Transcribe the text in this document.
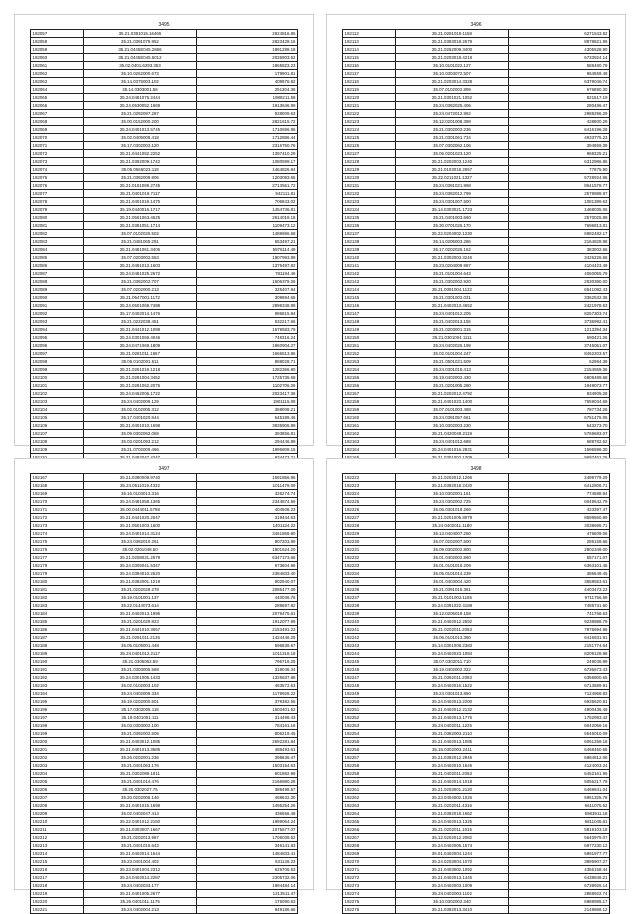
3495
192057	35.21.0391015.16465	2924816.85
192058	35.21.0391079.952	2823428.16
192059	35.21.0445E045.2866	1891288.18
192060	35.21.0445E045.5012	2026903.52
192061	35.02.0401.6293.353	1865823.23
192062	35.10.0262000.673	179901.81
192063	35.14.0375003.102	409976.82
192064	35.14.0303001.56	251304.36
192065	35.24.0481075.2444	1988211.58
192066	35.24.0530052.1669	1913646.99
192067	35.21.0292097.287	928009.63
192068	35.00.0152000.200	2821615.72
192069	35.24.0401013.5745	1710696.96
192070	35.02.0405008.418	1712886.44
192071	35.17.0302002.120	2316750.76
192072	35.21.0441082.2252	1397410.29
192073	35.21.0392009.1742	1080599.17
192074	35.05.0565023.118	1464826.84
192075	35.21.0392009.806	1203093.65
192076	35.21.0181089.2745	2713561.72
192077	35.21.0401019.7117	942111.81
192078	35.21.0401019.1475	706843.02
192079	35.19.0440016.1717	1454736.81
192080	35.21.0561063.4625	2614019.18
192081	35.21.0381051.1714	1109473.12
192082	35.07.0102026.502	1489696.68
192083	35.21.0481065.291	653497.21
192084	35.21.0481061.3406	5976114.49
192085	35.07.0203002.553	1907993.89
192086	35.21.0491013.1603	1375497.82
192087	35.24.0481025.2672	781194.46
192088	35.21.0392002.707	1606379.26
192089	35.07.0202000.213	325407.84
192090	35.21.0547001.1172	309894.65
192091	35.24.0501069.7488	2898348.89
192092	35.17.0402014.1476	986815.84
192093	35.21.0222038.451	532217.66
192094	35.21.0441012.1098	1579583.79
192095	35.24.0301069.4046	748316.24
192096	35.24.0471069.1809	1960904.27
192097	35.21.0281011.1867	1666513.86
192098	35.06.0102001.511	889028.71
192099	35.21.0261019.1218	1282366.80
192100	35.21.0291004.3452	1725735.69
192101	35.21.0291062.2075	1102706.26
192102	35.24.0462006.1722	2023417.36
192103	35.24.0402009.129	1901115.08
192104	35.02.0102005.312	368008.21
192105	35.17.0401020.544	545199.46
192106	35.21.0401010.1698	3935906.89
192107	35.09.0302062.069	393856.81
192108	35.03.0201093.212	294446.89
192109	35.21.0702009.466	1996808.15

3496
192112	35.21.0291019.1158	6271543.82
192113	35.21.0393019.2679	8878821.99
192114	35.21.0262009.3400	4305528.90
192115	35.21.0203018.4218	6733924.14
192116	35.10.0101022.127	588480.79
192117	35.10.0303072.507	964559.48
192118	35.21.0203014.3328	6378046.74
192119	35.07.0102002.899	676890.30
192120	35.21.0301021.1052	821517.19
192121	35.24.0392025.406	280486.47
192122	35.24.0472012.982	2988296.29
192123	35.12.0201008.398	428800.29
192124	35.21.0302002.236	6416196.28
192125	35.21.0301061.734	4933775.23
192126	35.07.0302062.106	394959.39
192127	35.06.0201023.120	968325.21
192128	35.21.0202003.1240	6312986.86
192129	35.21.0103018.2067	77875.90
192130	35.22.0211021.1327	5728924.95
192131	35.24.0391021.998	8641578.77
192132	35.24.0382012.799	2579989.97
192133	35.24.0301007.500	1081389.63
192134	35.14.0303021.1723	1468035.06
192135	35.21.0401003.660	2570025.89
192136	35.30.0701026.170	7696813.81
192137	35.22.0204002.1230	6982482.17
192138	35.14.0205003.286	2164828.98
192139	35.17.0202026.162	383002.66
192140	35.21.0302003.3246	3426226.66
192141	35.23.0204009.987	4104423.49
192142	35.21.0101004.643	4060055.79
192143	35.21.0302002.920	2530390.00
192144	35.21.0391004.1122	6541082.43
192145	35.21.0301002.031	3362532.36
192146	35.21.0402013.4652	2421978.63
192147	35.24.0401012.205	8257303.74
192148	35.21.0402013.155	3736992.41
192149	35.21.0203001.315	1213394.34
192150	35.21.0301004.1111	590421.26
192151	35.24.0402026.199	3745061.07
192152	35.02.0101004.247	8462203.57
192153	35.21.0501021.509	62984.39
192154	35.24.0301015.413	2154559.36
192155	35.19.0402002.430	6908489.68
192156	35.21.0201005.280	1949073.77
192157	35.21.0202012.4792	834905.28
192158	35.21.0401023.1400	7659034.69
192159	35.07.0101003.488	787734.26
192160	35.24.0391057.661	6751475.05
192161	35.10.0302003.230	543273.70
192162	35.21.0420048.2119	5769683.07
192163	35.24.0401012.688	689782.62
192164	35.24.0401016.2931	1596596.30

3497
192167	35.21.0390009.9740	1591856.96
192168	35.24.0511019.4332	1011478.09
192169	35.16.0103013.316	426274.74
192170	35.24.0481058.1365	2344874.59
192171	35.00.0444011.5798	404508.23
192172	35.21.0441020.2047	319444.63
192173	35.21.0501003.1600	1401124.22
192174	35.24.0401014.3124	3461869.80
192175	35.24.0382010.261	807203.89
192176	35.02.0201048.50	1901624.20
192177	35.21.0208031.2579	6347173.66
192178	35.24.0305041.5347	673604.98
192179	35.24.0394010.2620	2384833.40
192180	35.21.0382001.1219	902940.07
192181	35.21.0202028.278	2085477.09
192182	35.19.0101001.137	440036.76
192183	35.22.0144073.614	289697.82
192184	35.21.0402013.1996	2079475.61
192185	35.21.0201029.823	1912077.99
192186	35.21.0441010.3067	2153491.23
192187	35.21.0291011.2135	1424446.25
192188	35.05.0105001.448	596839.67
192189	35.24.0401012.2117	1011318.18
192190	35.21.0305062.59	796716.25
192191	35.21.0303005.568	318046.34
192192	35.24.0301005.1433	1326637.88
192193	35.02.0102003.102	463572.63
192194	35.24.0402009.334	1179928.22
192195	35.19.0202000.501	379382.55
192196	35.17.0302005.118	1603401.52
192197	35.19.0401001.111	314498.43
192198	35.03.0303002.100	784161.16
192199	35.21.0392002.505	806219.45
192200	35.21.0403012.1085	2692281.84
192201	35.21.0401013.3685	488493.61
192202	35.26.0202001.236	398636.47
192203	35.21.0401063.176	1503154.63
192204	35.21.0302089.1811	601982.99
192205	35.21.0401014.476	2166980.28
192206	35.20.0302027.75	389498.57
192207	35.20.0202008.146	468632.30
192208	35.21.0401015.1699	1495254.26
192209	35.02.0402047.414	436656.48
192210	35.22.0401012.2150	1999064.24
192211	35.21.0303007.1667	1075677.07
192212	35.21.0202013.967	1706039.52
192213	35.21.0401015.643	346141.83
192214	35.21.0402014.1644	1484833.41
192215	35.23.0401004.402	631128.23
192216	35.23.0401004.2312	625706.53
192217	35.24.0402014.2287	2305732.06
192218	35.24.0402033.177	1994484.14
192219	35.21.0401005.2677	1213511.47
192220	35.26.0401011.1175	175090.63
192221	35.24.0402004.213	949186.66
3498
192222	35.21.0202012.1266	2499779.29
192223	35.21.0392018.2420	6412806.71
192224	35.10.0302001.161	774588.94
192225	35.24.0302002.725	6049642.79
192226	35.06.0301018.266	423397.47
192227	35.21.0201005.8079	8599560.99
192228	35.24.0402011.1180	3038695.71
192229	35.13.0404007.250	476609.06
192230	35.07.0202007.500	286159.66
192231	35.09.0302002.800	2802349.00
192232	35.01.0402002.860	557171.07
192233	35.01.0101016.209	6363101.45
192234	35.05.0101014.239	386549.45
192235	35.01.0403004.420	3658553.61
192236	35.21.0391015.381	4403473.23
192237	35.21.0101002.1165	9711756.59
192238	35.24.0391022.4188	7485731.60
192239	35.12.0205018.158	741758.63
192240	35.21.0402012.2592	9238988.79
192241	35.21.0202011.2063	7876694.96
192242	35.06.0101013.390	6416931.91
192243	35.14.0301008.2383	2151774.64
192244	35.24.0402023.1084	8209128.98
192245	35.07.0302011.710	249038.99
192246	35.19.0402002.322	6736673.43
192247	35.21.0392011.2083	6356800.65
192248	35.24.0402016.1522	6713689.91
192249	35.24.0301013.850	7124968.83
192250	35.24.0402013.2200	6935620.81
192251	35.21.0402012.2132	4900436.49
192252	35.21.0402013.1776	1752993.42
192253	35.24.0402011.1225	6042059.16
192254	35.21.0382003.2110	5546010.09
192255	35.21.0402013.1085	6061259.18
192256	35.15.0302003.2411	6468450.66
192257	35.21.0392012.2945	6884812.08
192258	35.24.0402010.1645	4124003.24
192259	35.21.0402011.2063	6452161.95
192260	35.21.0402014.1018	5056217.79
192261	35.21.0203001.2120	6469841.04
192262	35.23.0404002.1026	5951325.78
192263	35.21.0202011.4316	6611075.52
192264	35.21.0392018.1662	6983911.18
192265	35.24.0402013.1325	6811045.61
192266	35.21.0202011.1015	5819103.18
192267	35.12.0202012.2082	5640979.07
192268	35.24.0402006.1574	6977230.12
192269	35.01.0402004.1244	5991977.77
192270	35.24.0203004.1070	3895907.27
192271	35.21.0403002.1092	4356158.44
192272	35.21.0402013.1445	6438848.21
192273	35.24.0402003.1009	6739926.14
192274	35.24.0402003.1102	2868922.74
192275	35.10.0302002.340	6988985.17
192276	35.21.0392013.3410	2148868.12
